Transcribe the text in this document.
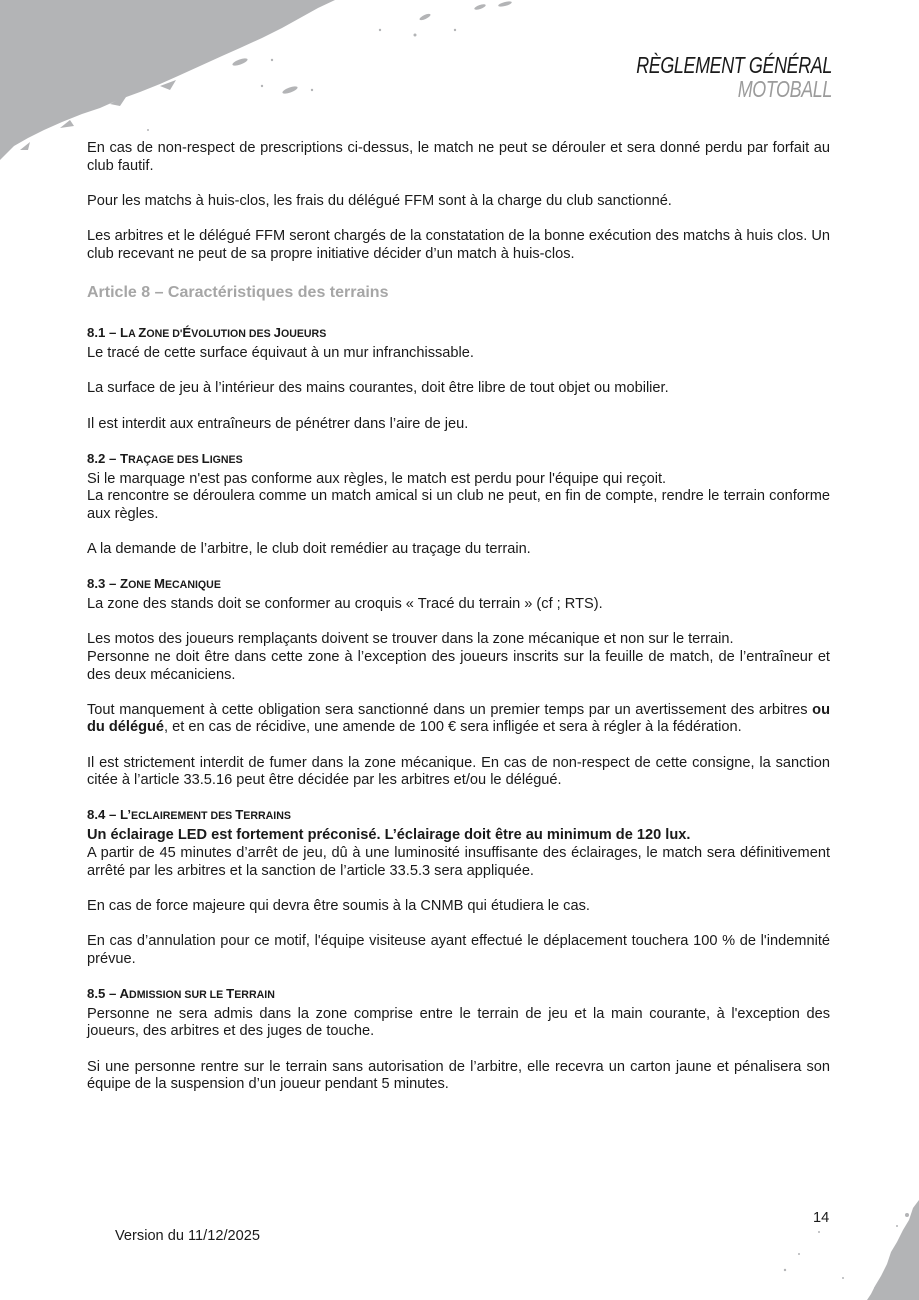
RÈGLEMENT GÉNÉRAL
MOTOBALL

En cas de non-respect de prescriptions ci-dessus, le match ne peut se dérouler et sera donné perdu par forfait au club fautif.

Pour les matchs à huis-clos, les frais du délégué FFM sont à la charge du club sanctionné.

Les arbitres et le délégué FFM seront chargés de la constatation de la bonne exécution des matchs à huis clos. Un club recevant ne peut de sa propre initiative décider d’un match à huis-clos.

Article 8 – Caractéristiques des terrains

8.1 – LA ZONE D'ÉVOLUTION DES JOUEURS

Le tracé de cette surface équivaut à un mur infranchissable.

La surface de jeu à l’intérieur des mains courantes, doit être libre de tout objet ou mobilier.

Il est interdit aux entraîneurs de pénétrer dans l’aire de jeu.

8.2 – TRAÇAGE DES LIGNES

Si le marquage n'est pas conforme aux règles, le match est perdu pour l'équipe qui reçoit.

La rencontre se déroulera comme un match amical si un club ne peut, en fin de compte, rendre le terrain conforme aux règles.

A la demande de l’arbitre, le club doit remédier au traçage du terrain.

8.3 – ZONE MECANIQUE

La zone des stands doit se conformer au croquis « Tracé du terrain » (cf ; RTS).

Les motos des joueurs remplaçants doivent se trouver dans la zone mécanique et non sur le terrain.

Personne ne doit être dans cette zone à l’exception des joueurs inscrits sur la feuille de match, de l’entraîneur et des deux mécaniciens.

Tout manquement à cette obligation sera sanctionné dans un premier temps par un avertissement des arbitres ou du délégué, et en cas de récidive, une amende de 100 € sera infligée et sera à régler à la fédération.

Il est strictement interdit de fumer dans la zone mécanique. En cas de non-respect de cette consigne, la sanction citée à l’article 33.5.16 peut être décidée par les arbitres et/ou le délégué.

8.4 – L’ECLAIREMENT DES TERRAINS

Un éclairage LED est fortement préconisé. L’éclairage doit être au minimum de 120 lux.

A partir de 45 minutes d’arrêt de jeu, dû à une luminosité insuffisante des éclairages, le match sera définitivement arrêté par les arbitres et la sanction de l’article 33.5.3 sera appliquée.

En cas de force majeure qui devra être soumis à la CNMB qui étudiera le cas.

En cas d’annulation pour ce motif, l'équipe visiteuse ayant effectué le déplacement touchera 100 % de l'indemnité prévue.

8.5 – ADMISSION SUR LE TERRAIN

Personne ne sera admis dans la zone comprise entre le terrain de jeu et la main courante, à l'exception des joueurs, des arbitres et des juges de touche.

Si une personne rentre sur le terrain sans autorisation de l’arbitre, elle recevra un carton jaune et pénalisera son équipe de la suspension d’un joueur pendant 5 minutes.

Version du 11/12/2025
14
